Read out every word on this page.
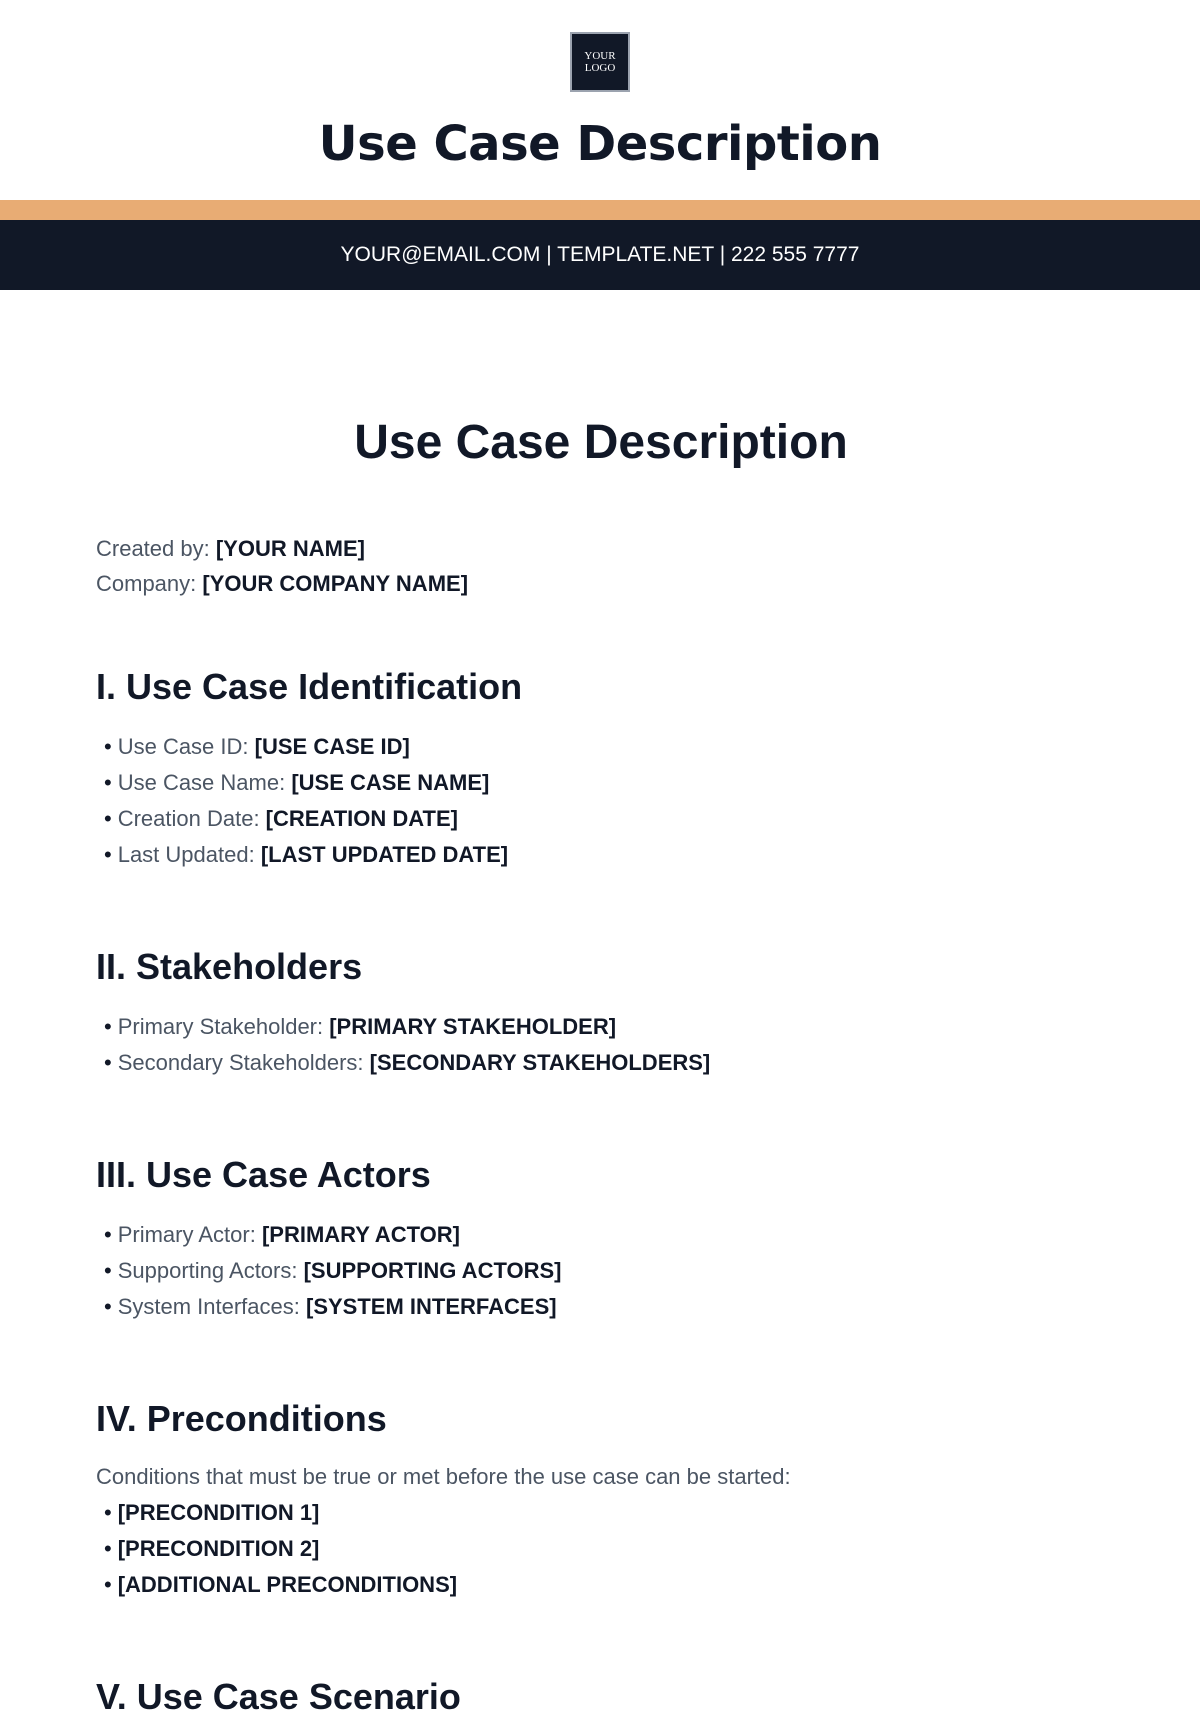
YOUR LOGO
Use Case Description
YOUR@EMAIL.COM | TEMPLATE.NET | 222 555 7777
Use Case Description
Created by: [YOUR NAME]
Company: [YOUR COMPANY NAME]
I. Use Case Identification
• Use Case ID: [USE CASE ID]
• Use Case Name: [USE CASE NAME]
• Creation Date: [CREATION DATE]
• Last Updated: [LAST UPDATED DATE]
II. Stakeholders
• Primary Stakeholder: [PRIMARY STAKEHOLDER]
• Secondary Stakeholders: [SECONDARY STAKEHOLDERS]
III. Use Case Actors
• Primary Actor: [PRIMARY ACTOR]
• Supporting Actors: [SUPPORTING ACTORS]
• System Interfaces: [SYSTEM INTERFACES]
IV. Preconditions
Conditions that must be true or met before the use case can be started:
• [PRECONDITION 1]
• [PRECONDITION 2]
• [ADDITIONAL PRECONDITIONS]
V. Use Case Scenario
